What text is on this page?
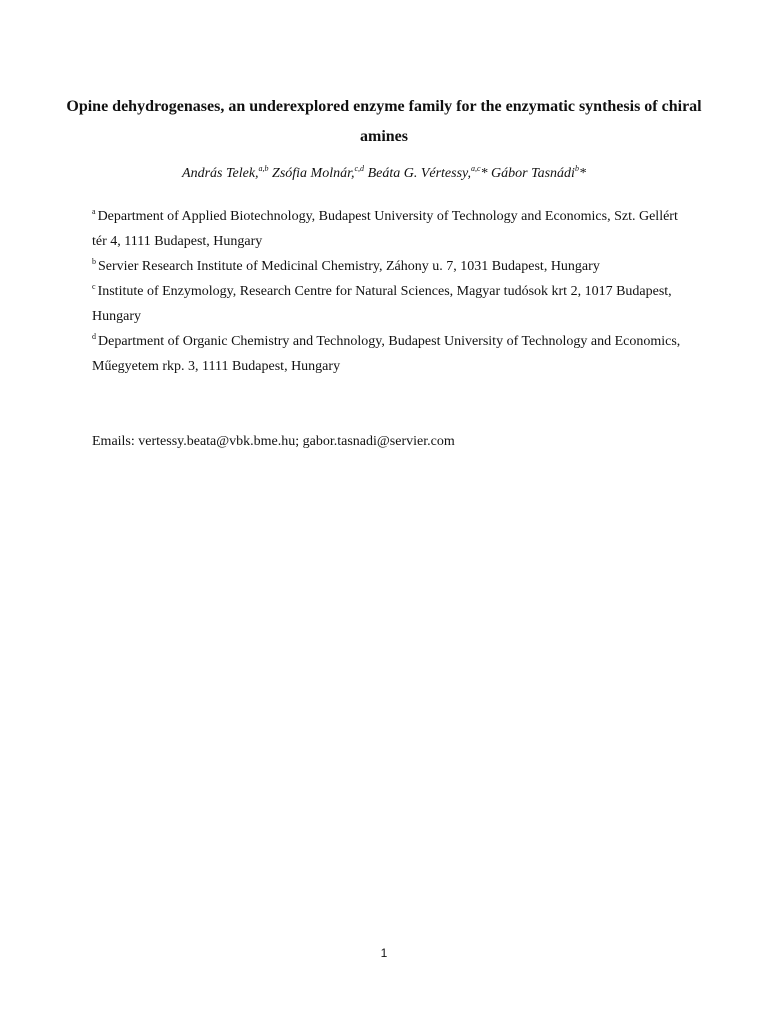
Opine dehydrogenases, an underexplored enzyme family for the enzymatic synthesis of chiral amines
András Telek,$^{a,b}$ Zsófia Molnár,$^{c,d}$ Beáta G. Vértessy,$^{a,c}$* Gábor Tasnádi$^b$*

$^a$ Department of Applied Biotechnology, Budapest University of Technology and Economics, Szt. Gellért tér 4, 1111 Budapest, Hungary

$^b$ Servier Research Institute of Medicinal Chemistry, Záhony u. 7, 1031 Budapest, Hungary

$^c$ Institute of Enzymology, Research Centre for Natural Sciences, Magyar tudósok krt 2, 1017 Budapest, Hungary

$^d$ Department of Organic Chemistry and Technology, Budapest University of Technology and Economics, Műegyetem rkp. 3, 1111 Budapest, Hungary

Emails: vertessy.beata@vbk.bme.hu; gabor.tasnadi@servier.com
1
